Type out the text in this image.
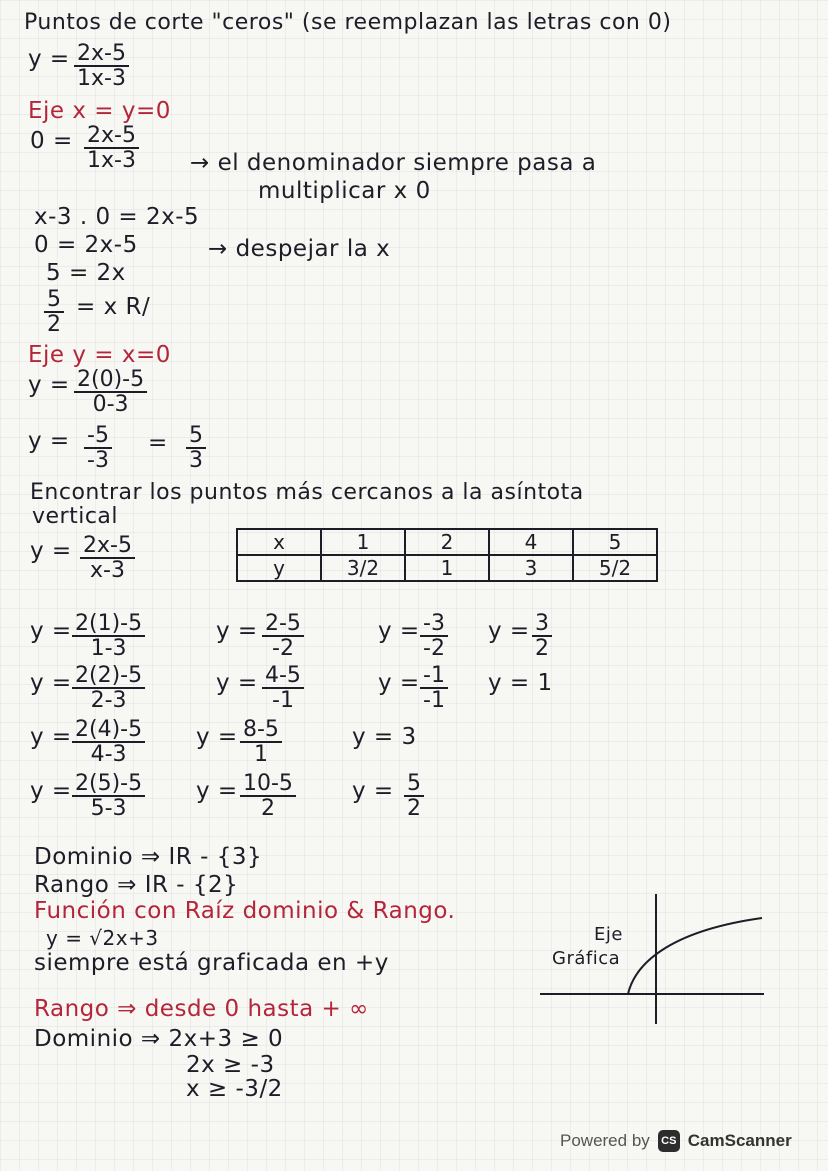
Puntos de corte "ceros" (se reemplazan las letras con 0)
$y = \frac{2x-5}{1x-3}$
Eje x = y=0
$0 = \frac{2x-5}{1x-3}$ → el denominador siempre pasa a
multiplicar x 0
x-3 . 0 = 2x-5
0 = 2x-5	→ despejar la x
5 = 2x
$\frac{5}{2} = x$ R/
Eje y = x=0
$y = \frac{2(0)-5}{0-3}$
$y = \frac{-5}{-3} = \frac{5}{3}$
Encontrar los puntos más cercanos a la asíntota
vertical
$y = \frac{2x-5}{x-3}$	x	1	2	4	5
y	3/2	1	3	5/2
$y = \frac{2(1)-5}{1-3}$	$y = \frac{2-5}{-2}$	$y = \frac{-3}{-2}$ $y = \frac{3}{2}$
$y = \frac{2(2)-5}{2-3}$	$y = \frac{4-5}{-1}$	$y = \frac{-1}{-1}$ y = 1
$y = \frac{2(4)-5}{4-3}$ $y = \frac{8-5}{1}$	y = 3
$y = \frac{2(5)-5}{5-3}$ $y = \frac{10-5}{2}$ $y = \frac{5}{2}$
Dominio ⇒ IR - {3}
Rango ⇒ IR - {2}
Función con Raíz dominio & Rango.
y = √2x+3
siempre está graficada en +y
Eje
Gráfica
Rango ⇒ desde 0 hasta + ∞
Dominio ⇒ 2x+3 ≥ 0
2x ≥ -3
x ≥ -3/2
Powered by	CS CamScanner
